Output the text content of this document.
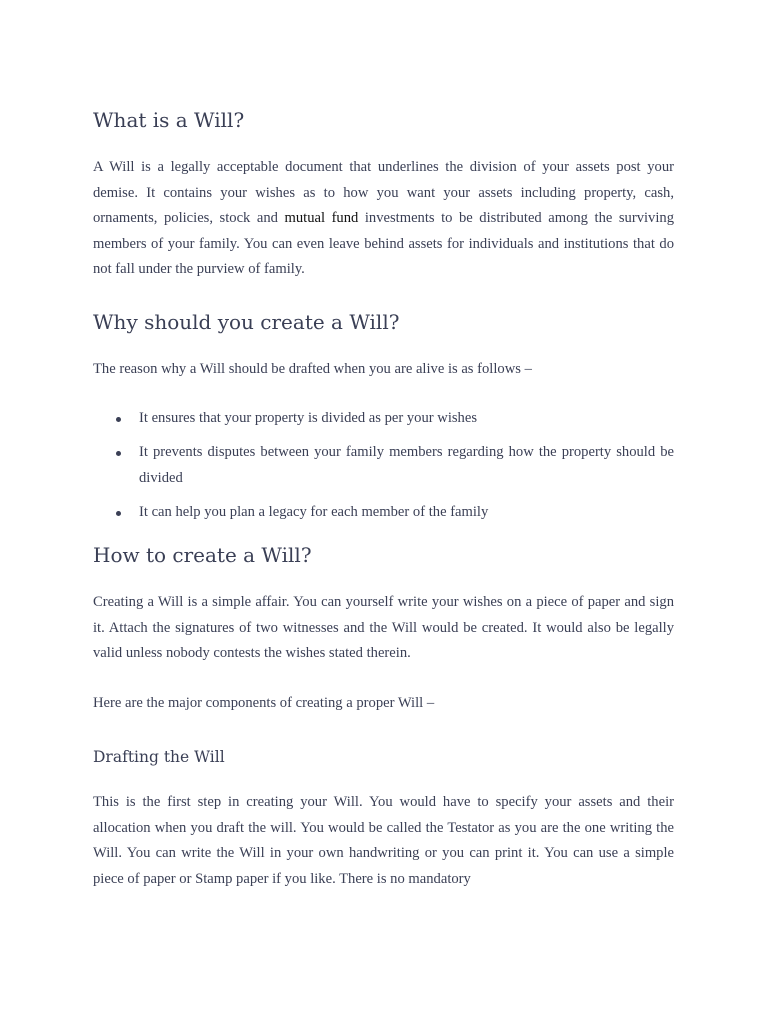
What is a Will?

A Will is a legally acceptable document that underlines the division of your assets post your demise. It contains your wishes as to how you want your assets including property, cash, ornaments, policies, stock and mutual fund investments to be distributed among the surviving members of your family. You can even leave behind assets for individuals and institutions that do not fall under the purview of family.

Why should you create a Will?

The reason why a Will should be drafted when you are alive is as follows –

It ensures that your property is divided as per your wishes
It prevents disputes between your family members regarding how the property should be divided
It can help you plan a legacy for each member of the family
How to create a Will?

Creating a Will is a simple affair. You can yourself write your wishes on a piece of paper and sign it. Attach the signatures of two witnesses and the Will would be created. It would also be legally valid unless nobody contests the wishes stated therein.

Here are the major components of creating a proper Will –

Drafting the Will

This is the first step in creating your Will. You would have to specify your assets and their allocation when you draft the will. You would be called the Testator as you are the one writing the Will. You can write the Will in your own handwriting or you can print it. You can use a simple piece of paper or Stamp paper if you like. There is no mandatory
